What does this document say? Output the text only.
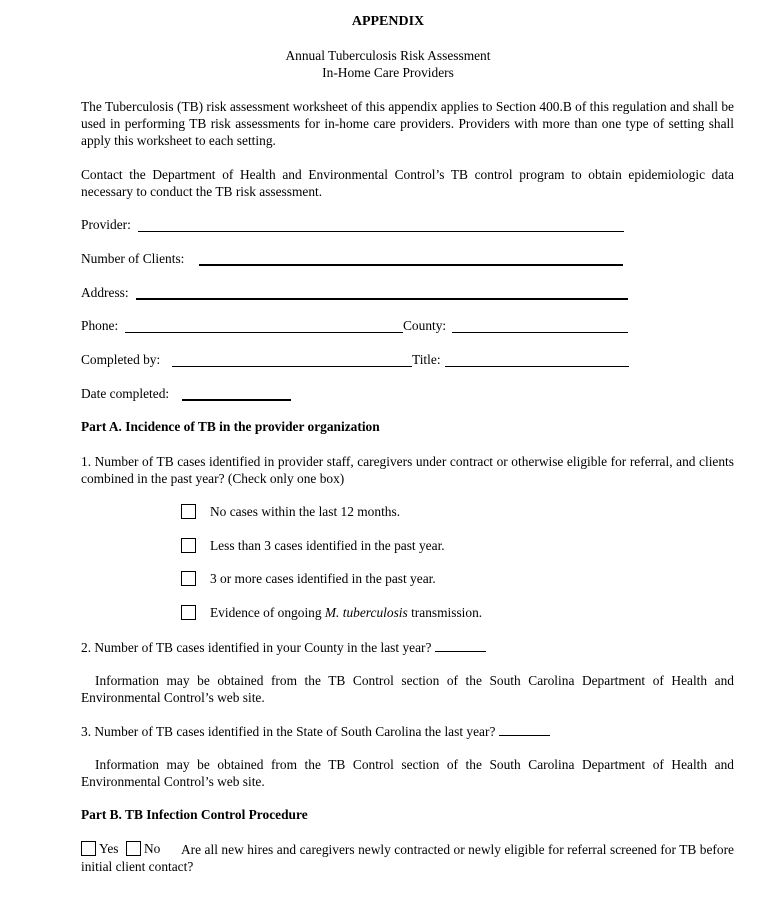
APPENDIX
Annual Tuberculosis Risk Assessment
In-Home Care Providers
The Tuberculosis (TB) risk assessment worksheet of this appendix applies to Section 400.B of this regulation and shall be used in performing TB risk assessments for in-home care providers. Providers with more than one type of setting shall apply this worksheet to each setting.
Contact the Department of Health and Environmental Control’s TB control program to obtain epidemiologic data necessary to conduct the TB risk assessment.
Provider:
Number of Clients:
Address:
Phone:	County:
Completed by:	Title:
Date completed:
Part A. Incidence of TB in the provider organization
1. Number of TB cases identified in provider staff, caregivers under contract or otherwise eligible for referral, and clients combined in the past year? (Check only one box)
No cases within the last 12 months.
Less than 3 cases identified in the past year.
3 or more cases identified in the past year.
Evidence of ongoing M. tuberculosis transmission.
2. Number of TB cases identified in your County in the last year?
Information may be obtained from the TB Control section of the South Carolina Department of Health and Environmental Control’s web site.
3. Number of TB cases identified in the State of South Carolina the last year?
Information may be obtained from the TB Control section of the South Carolina Department of Health and Environmental Control’s web site.
Part B. TB Infection Control Procedure
Yes No	Are all new hires and caregivers newly contracted or newly eligible for referral screened for TB before initial client contact?
